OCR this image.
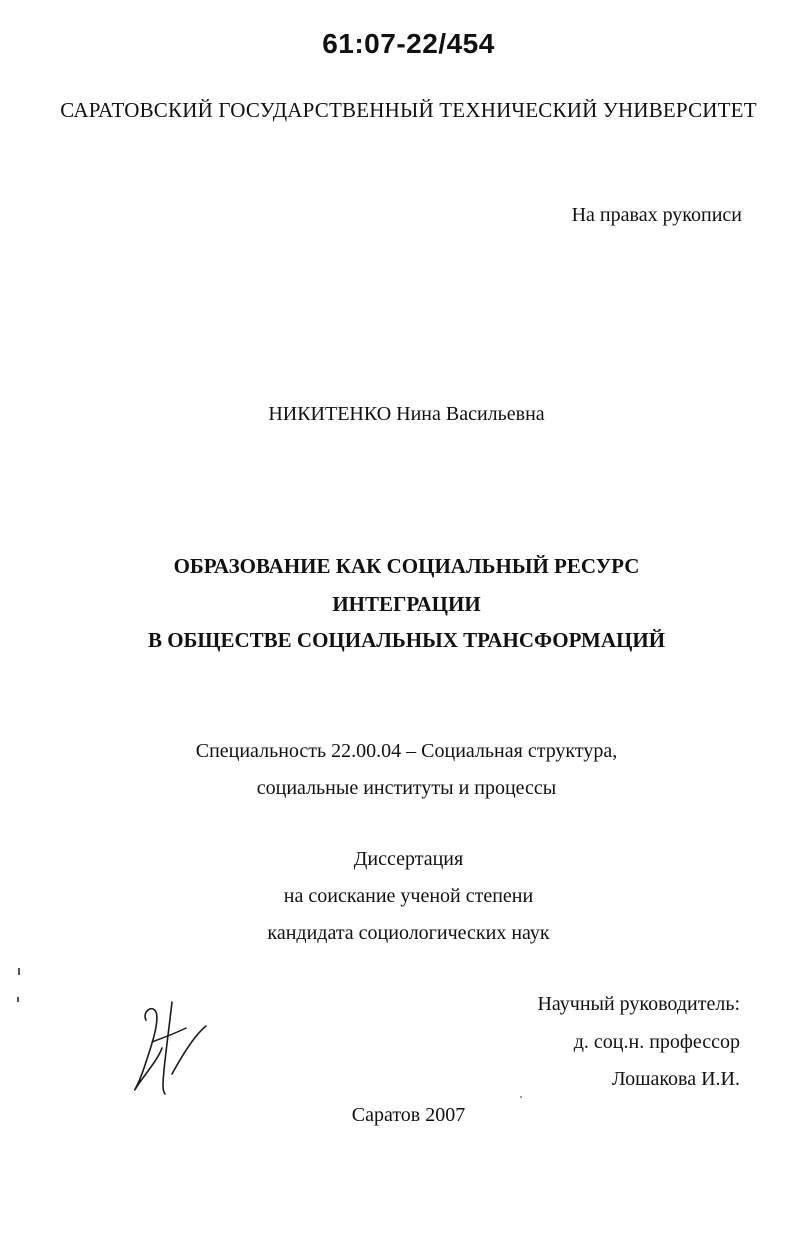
61:07-22/454
САРАТОВСКИЙ ГОСУДАРСТВЕННЫЙ ТЕХНИЧЕСКИЙ УНИВЕРСИТЕТ
На правах рукописи
НИКИТЕНКО Нина Васильевна
ОБРАЗОВАНИЕ КАК СОЦИАЛЬНЫЙ РЕСУРС
ИНТЕГРАЦИИ
В ОБЩЕСТВЕ СОЦИАЛЬНЫХ ТРАНСФОРМАЦИЙ
Специальность 22.00.04 – Социальная структура,
социальные институты и процессы
Диссертация
на соискание ученой степени
кандидата социологических наук
Научный руководитель:
д. соц.н. профессор
Лошакова И.И.
Саратов 2007
